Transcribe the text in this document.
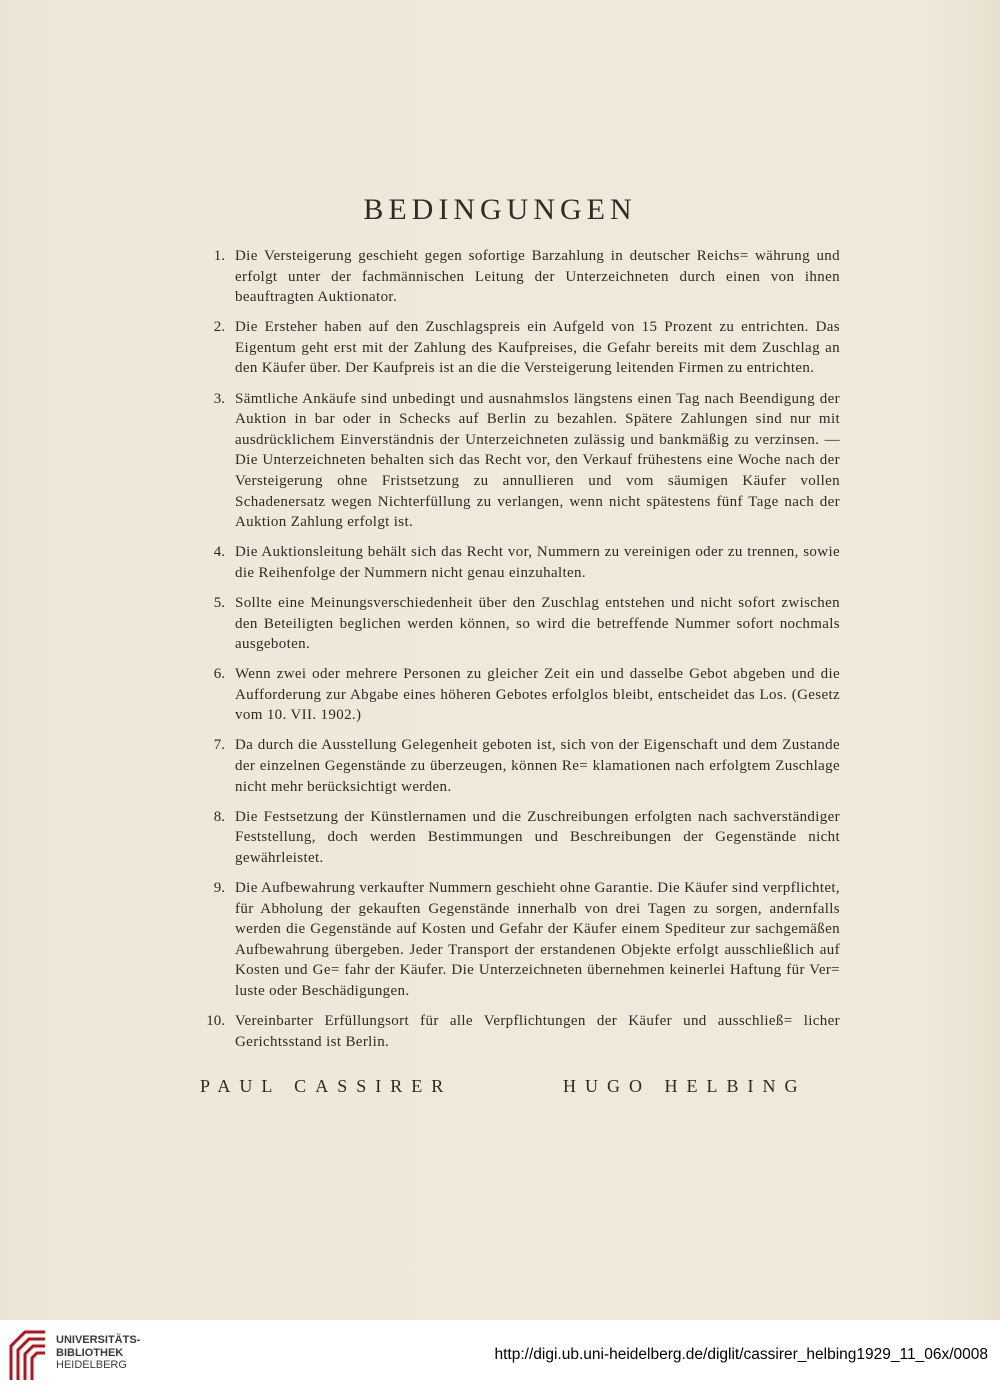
BEDINGUNGEN
1. Die Versteigerung geschieht gegen sofortige Barzahlung in deutscher Reichs= währung und erfolgt unter der fachmännischen Leitung der Unterzeichneten durch einen von ihnen beauftragten Auktionator.
2. Die Ersteher haben auf den Zuschlagspreis ein Aufgeld von 15 Prozent zu entrichten. Das Eigentum geht erst mit der Zahlung des Kaufpreises, die Gefahr bereits mit dem Zuschlag an den Käufer über. Der Kaufpreis ist an die die Versteigerung leitenden Firmen zu entrichten.
3. Sämtliche Ankäufe sind unbedingt und ausnahmslos längstens einen Tag nach Beendigung der Auktion in bar oder in Schecks auf Berlin zu bezahlen. Spätere Zahlungen sind nur mit ausdrücklichem Einverständnis der Unterzeichneten zulässig und bankmäßig zu verzinsen. — Die Unterzeichneten behalten sich das Recht vor, den Verkauf frühestens eine Woche nach der Versteigerung ohne Fristsetzung zu annullieren und vom säumigen Käufer vollen Schadenersatz wegen Nichterfüllung zu verlangen, wenn nicht spätestens fünf Tage nach der Auktion Zahlung erfolgt ist.
4. Die Auktionsleitung behält sich das Recht vor, Nummern zu vereinigen oder zu trennen, sowie die Reihenfolge der Nummern nicht genau einzuhalten.
5. Sollte eine Meinungsverschiedenheit über den Zuschlag entstehen und nicht sofort zwischen den Beteiligten beglichen werden können, so wird die betreffende Nummer sofort nochmals ausgeboten.
6. Wenn zwei oder mehrere Personen zu gleicher Zeit ein und dasselbe Gebot abgeben und die Aufforderung zur Abgabe eines höheren Gebotes erfolglos bleibt, entscheidet das Los. (Gesetz vom 10. VII. 1902.)
7. Da durch die Ausstellung Gelegenheit geboten ist, sich von der Eigenschaft und dem Zustande der einzelnen Gegenstände zu überzeugen, können Re= klamationen nach erfolgtem Zuschlage nicht mehr berücksichtigt werden.
8. Die Festsetzung der Künstlernamen und die Zuschreibungen erfolgten nach sachverständiger Feststellung, doch werden Bestimmungen und Beschreibungen der Gegenstände nicht gewährleistet.
9. Die Aufbewahrung verkaufter Nummern geschieht ohne Garantie. Die Käufer sind verpflichtet, für Abholung der gekauften Gegenstände innerhalb von drei Tagen zu sorgen, andernfalls werden die Gegenstände auf Kosten und Gefahr der Käufer einem Spediteur zur sachgemäßen Aufbewahrung übergeben. Jeder Transport der erstandenen Objekte erfolgt ausschließlich auf Kosten und Ge= fahr der Käufer. Die Unterzeichneten übernehmen keinerlei Haftung für Ver= luste oder Beschädigungen.
10. Vereinbarter Erfüllungsort für alle Verpflichtungen der Käufer und ausschließ= licher Gerichtsstand ist Berlin.
PAUL CASSIRER	HUGO HELBING
UNIVERSITÄTS-
BIBLIOTHEK
HEIDELBERG
http://digi.ub.uni-heidelberg.de/diglit/cassirer_helbing1929_11_06x/0008
